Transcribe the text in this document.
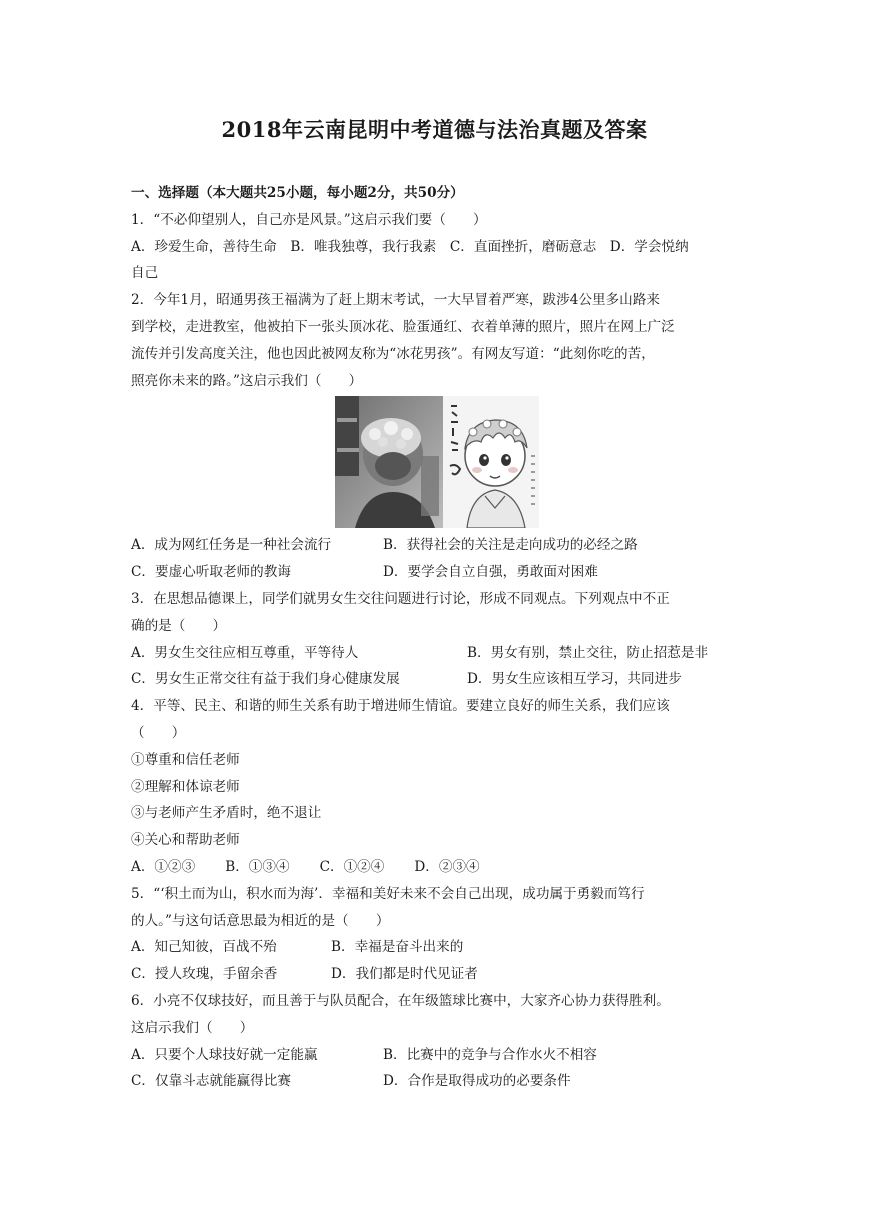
2018年云南昆明中考道德与法治真题及答案
一、选择题（本大题共25小题，每小题2分，共50分）
1．“不必仰望别人，自己亦是风景。”这启示我们要（　　）
A．珍爱生命，善待生命　B．唯我独尊，我行我素　C．直面挫折，磨砺意志　D．学会悦纳
自己
2．今年1月，昭通男孩王福满为了赶上期末考试，一大早冒着严寒，跋涉4公里多山路来
到学校，走进教室，他被拍下一张头顶冰花、脸蛋通红、衣着单薄的照片，照片在网上广泛
流传并引发高度关注，他也因此被网友称为“冰花男孩”。有网友写道：“此刻你吃的苦，
照亮你未来的路。”这启示我们（　　）
A．成为网红任务是一种社会流行	B．获得社会的关注是走向成功的必经之路
C．要虚心听取老师的教诲	D．要学会自立自强，勇敢面对困难
3．在思想品德课上，同学们就男女生交往问题进行讨论，形成不同观点。下列观点中不正
确的是（　　）
A．男女生交往应相互尊重，平等待人	B．男女有别，禁止交往，防止招惹是非
C．男女生正常交往有益于我们身心健康发展	D．男女生应该相互学习，共同进步
4．平等、民主、和谐的师生关系有助于增进师生情谊。要建立良好的师生关系，我们应该
（　　）
①尊重和信任老师
②理解和体谅老师
③与老师产生矛盾时，绝不退让
④关心和帮助老师
A．①②③ B．①③④ C．①②④ D．②③④
5．“‘积土而为山，积水而为海’．幸福和美好未来不会自己出现，成功属于勇毅而笃行
的人。”与这句话意思最为相近的是（　　）
A．知己知彼，百战不殆	B．幸福是奋斗出来的
C．授人玫瑰，手留余香	D．我们都是时代见证者
6．小亮不仅球技好，而且善于与队员配合，在年级篮球比赛中，大家齐心协力获得胜利。
这启示我们（　　）
A．只要个人球技好就一定能赢	B．比赛中的竞争与合作水火不相容
C．仅靠斗志就能赢得比赛	D．合作是取得成功的必要条件
